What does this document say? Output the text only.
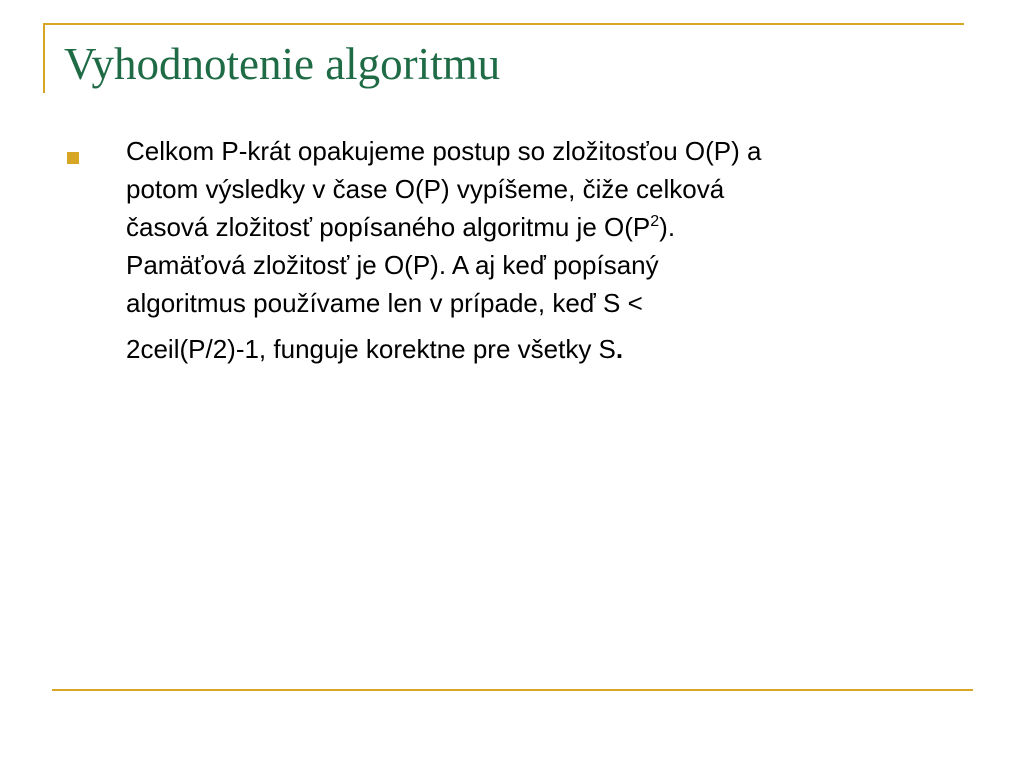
Vyhodnotenie algoritmu
Celkom P-krát opakujeme postup so zložitosťou O(P) a
potom výsledky v čase O(P) vypíšeme, čiže celková
časová zložitosť popísaného algoritmu je $O(P^2)$.
Pamäťová zložitosť je O(P). A aj keď popísaný
algoritmus používame len v prípade, keď S <
2ceil(P/2)-1, funguje korektne pre všetky S.
